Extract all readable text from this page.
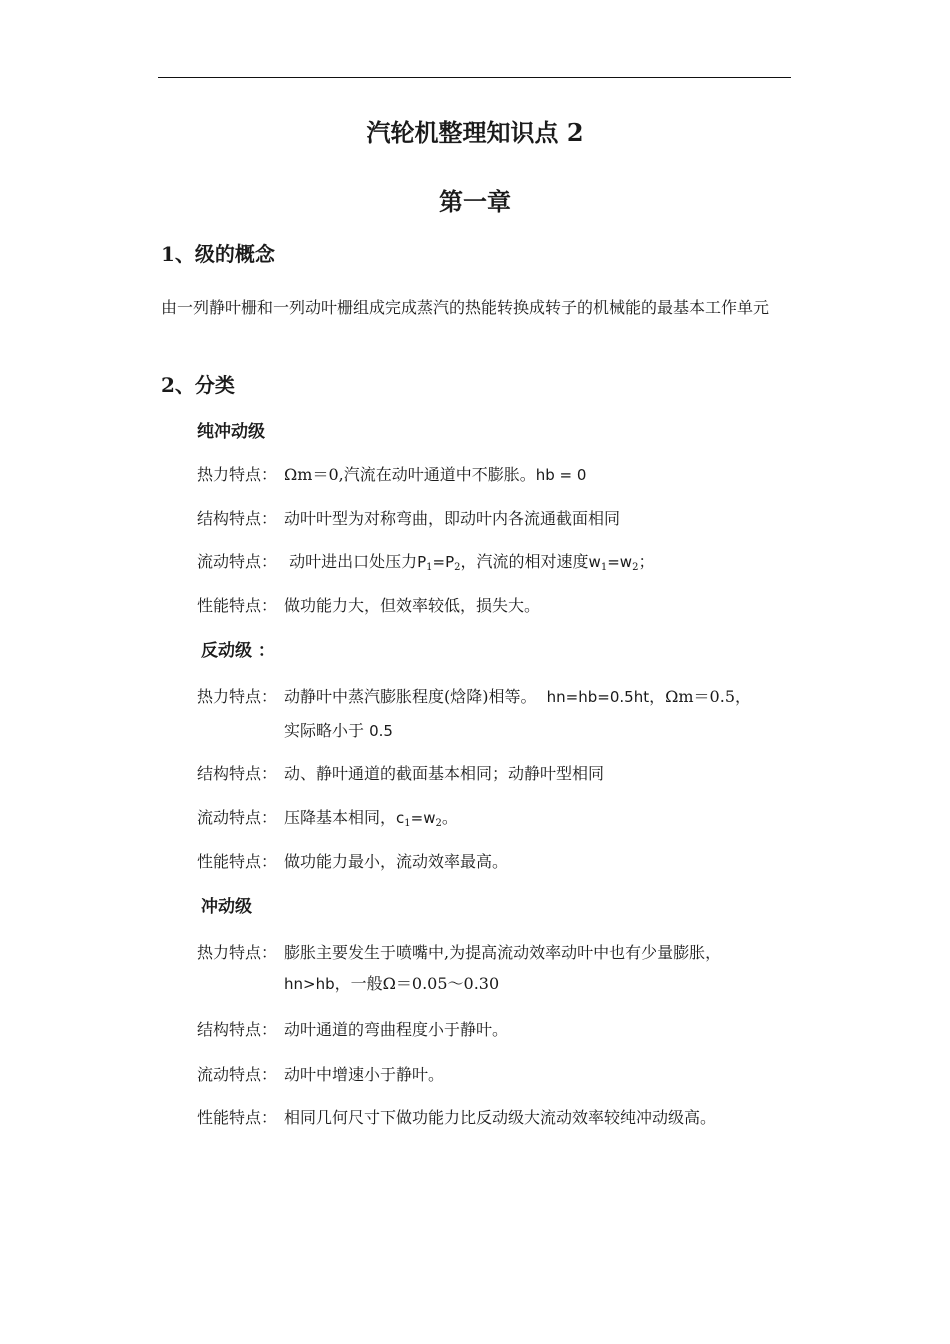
汽轮机整理知识点 2
第一章
1、级的概念
由一列静叶栅和一列动叶栅组成完成蒸汽的热能转换成转子的机械能的最基本工作单元
2、分类
纯冲动级
热力特点： Ωm＝0,汽流在动叶通道中不膨胀。hb = 0
结构特点： 动叶叶型为对称弯曲，即动叶内各流通截面相同
流动特点： 动叶进出口处压力$P_1=P_2$，汽流的相对速度$w_1=w_2$；
性能特点： 做功能力大，但效率较低，损失大。
反动级 ：
热力特点： 动静叶中蒸汽膨胀程度(焓降)相等。 hn=hb=0.5ht，Ωm＝0.5，
实际略小于 0.5
结构特点： 动、静叶通道的截面基本相同；动静叶型相同
流动特点： 压降基本相同，$c_1=w_2$。
性能特点： 做功能力最小，流动效率最高。
冲动级
热力特点： 膨胀主要发生于喷嘴中,为提高流动效率动叶中也有少量膨胀，
hn>hb，一般Ω＝0.05～0.30
结构特点： 动叶通道的弯曲程度小于静叶。
流动特点： 动叶中增速小于静叶。
性能特点： 相同几何尺寸下做功能力比反动级大流动效率较纯冲动级高。
